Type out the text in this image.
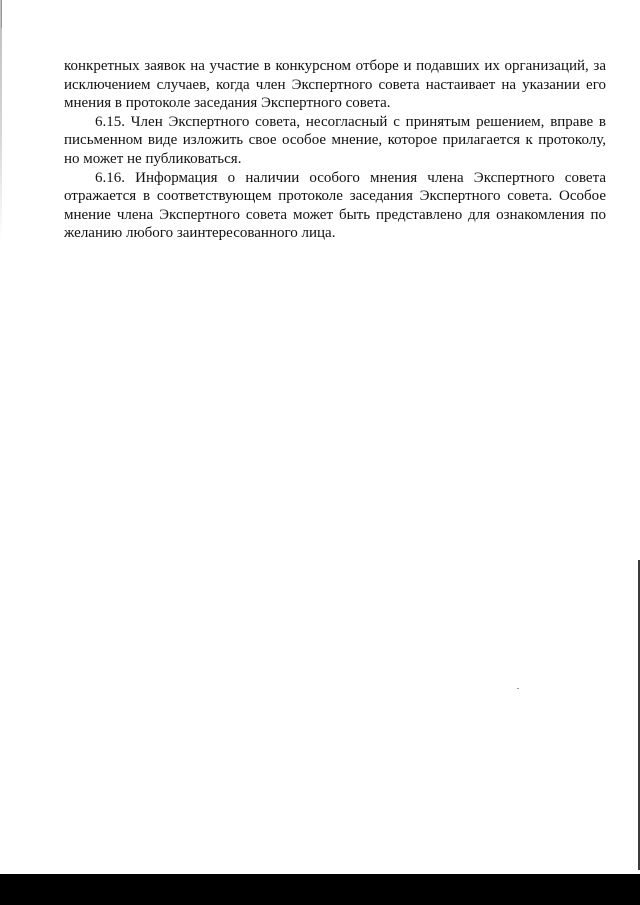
конкретных заявок на участие в конкурсном отборе и подавших их организаций, за исключением случаев, когда член Экспертного совета настаивает на указании его мнения в протоколе заседания Экспертного совета.

6.15. Член Экспертного совета, несогласный с принятым решением, вправе в письменном виде изложить свое особое мнение, которое прилагается к протоколу, но может не публиковаться.

6.16. Информация о наличии особого мнения члена Экспертного совета отражается в соответствующем протоколе заседания Экспертного совета. Особое мнение члена Экспертного совета может быть представлено для ознакомления по желанию любого заинтересованного лица.
